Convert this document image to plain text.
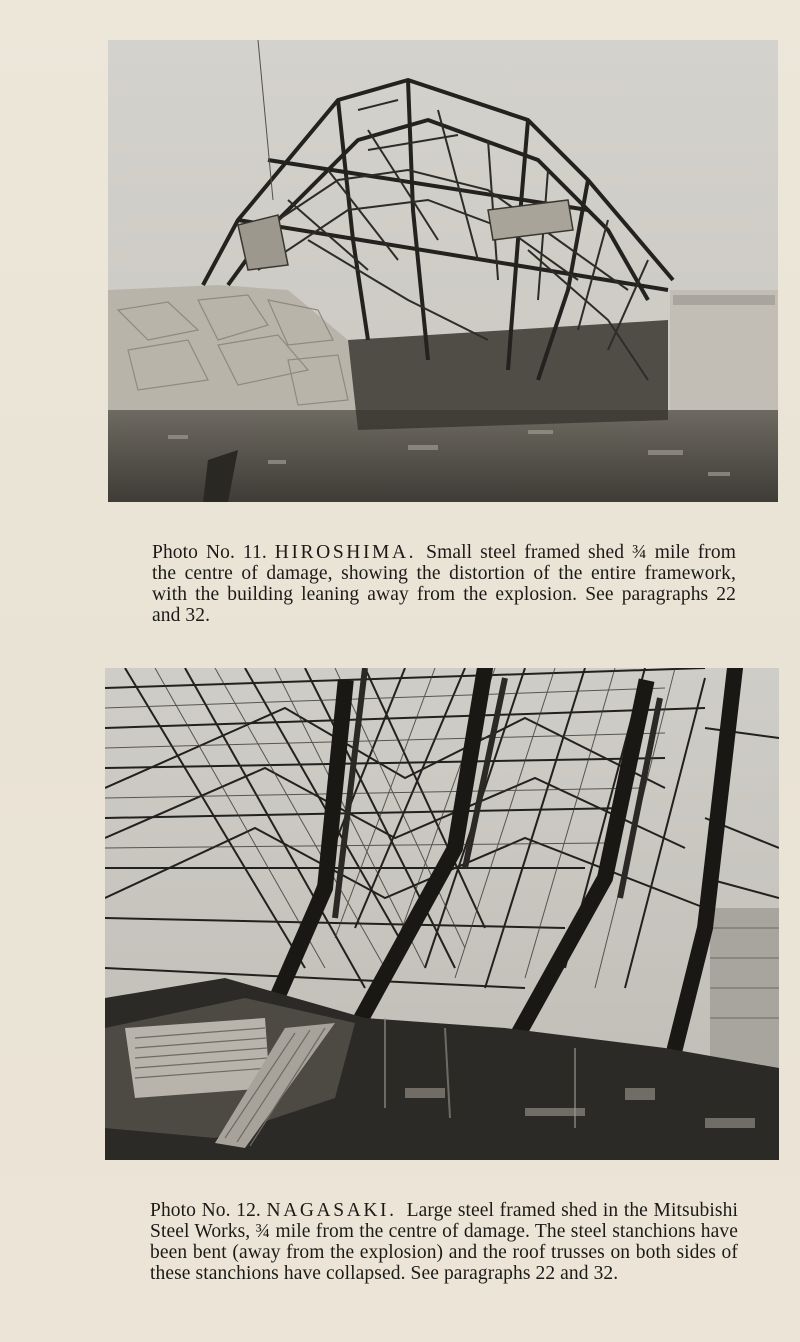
Photo No. 11. HIROSHIMA. Small steel framed shed ¾ mile from the centre of damage, showing the distortion of the entire framework, with the building leaning away from the explosion. See paragraphs 22 and 32.

Photo No. 12. NAGASAKI. Large steel framed shed in the Mitsubishi Steel Works, ¾ mile from the centre of damage. The steel stanchions have been bent (away from the explosion) and the roof trusses on both sides of these stanchions have collapsed. See paragraphs 22 and 32.
